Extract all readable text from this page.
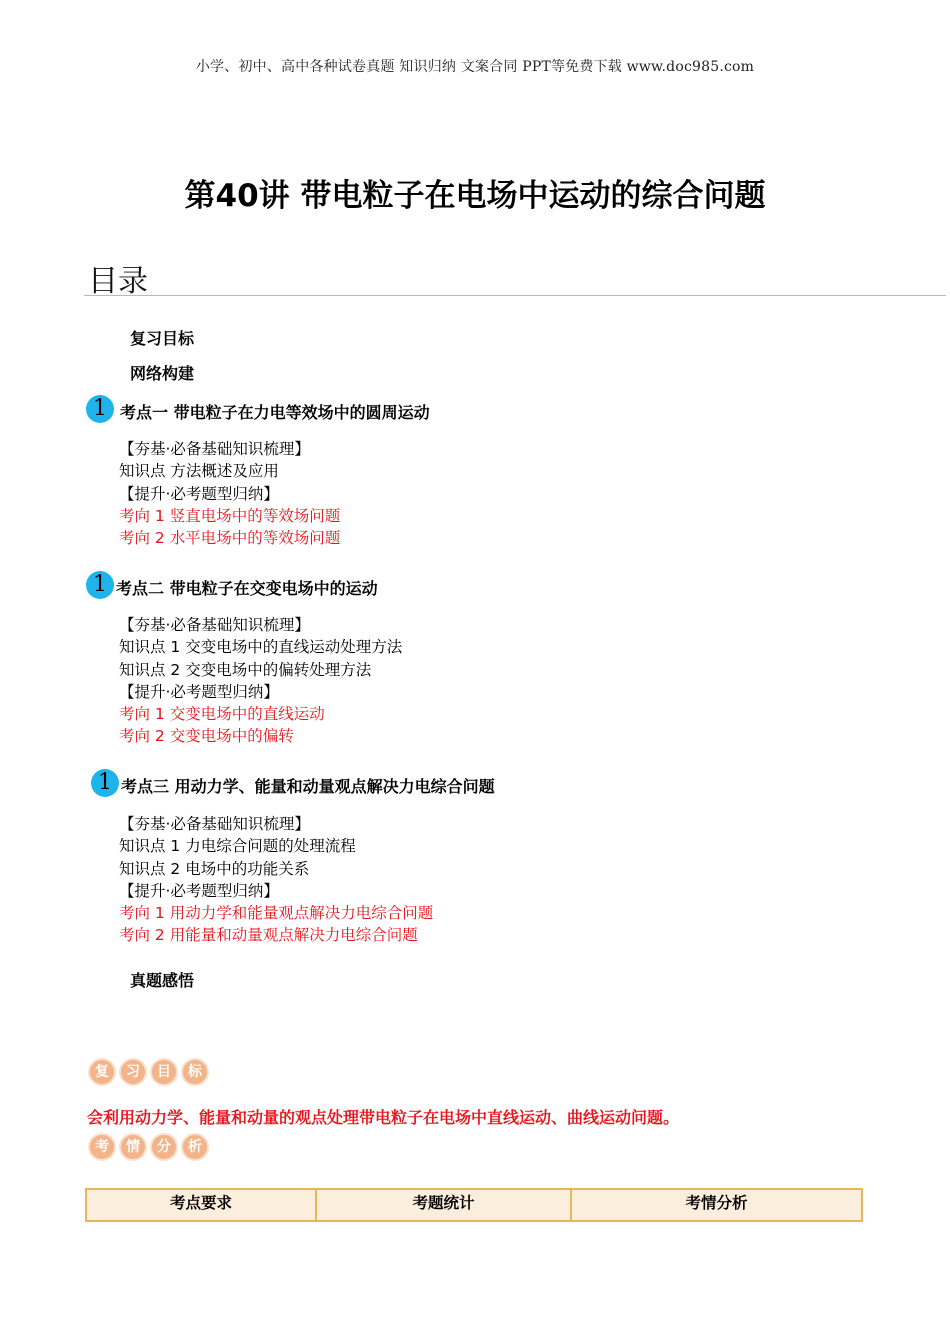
小学、初中、高中各种试卷真题 知识归纳 文案合同 PPT等免费下载 www.doc985.com
第40讲 带电粒子在电场中运动的综合问题
目录
复习目标
网络构建
1 考点一 带电粒子在力电等效场中的圆周运动
【夯基·必备基础知识梳理】
知识点 方法概述及应用
【提升·必考题型归纳】
考向 1 竖直电场中的等效场问题
考向 2 水平电场中的等效场问题
1 考点二 带电粒子在交变电场中的运动
【夯基·必备基础知识梳理】
知识点 1 交变电场中的直线运动处理方法
知识点 2 交变电场中的偏转处理方法
【提升·必考题型归纳】
考向 1 交变电场中的直线运动
考向 2 交变电场中的偏转
1 考点三 用动力学、能量和动量观点解决力电综合问题
【夯基·必备基础知识梳理】
知识点 1 力电综合问题的处理流程
知识点 2 电场中的功能关系
【提升·必考题型归纳】
考向 1 用动力学和能量观点解决力电综合问题
考向 2 用能量和动量观点解决力电综合问题
真题感悟
复 习 目 标
会利用动力学、能量和动量的观点处理带电粒子在电场中直线运动、曲线运动问题。
考 情 分 析
考点要求	考题统计	考情分析
